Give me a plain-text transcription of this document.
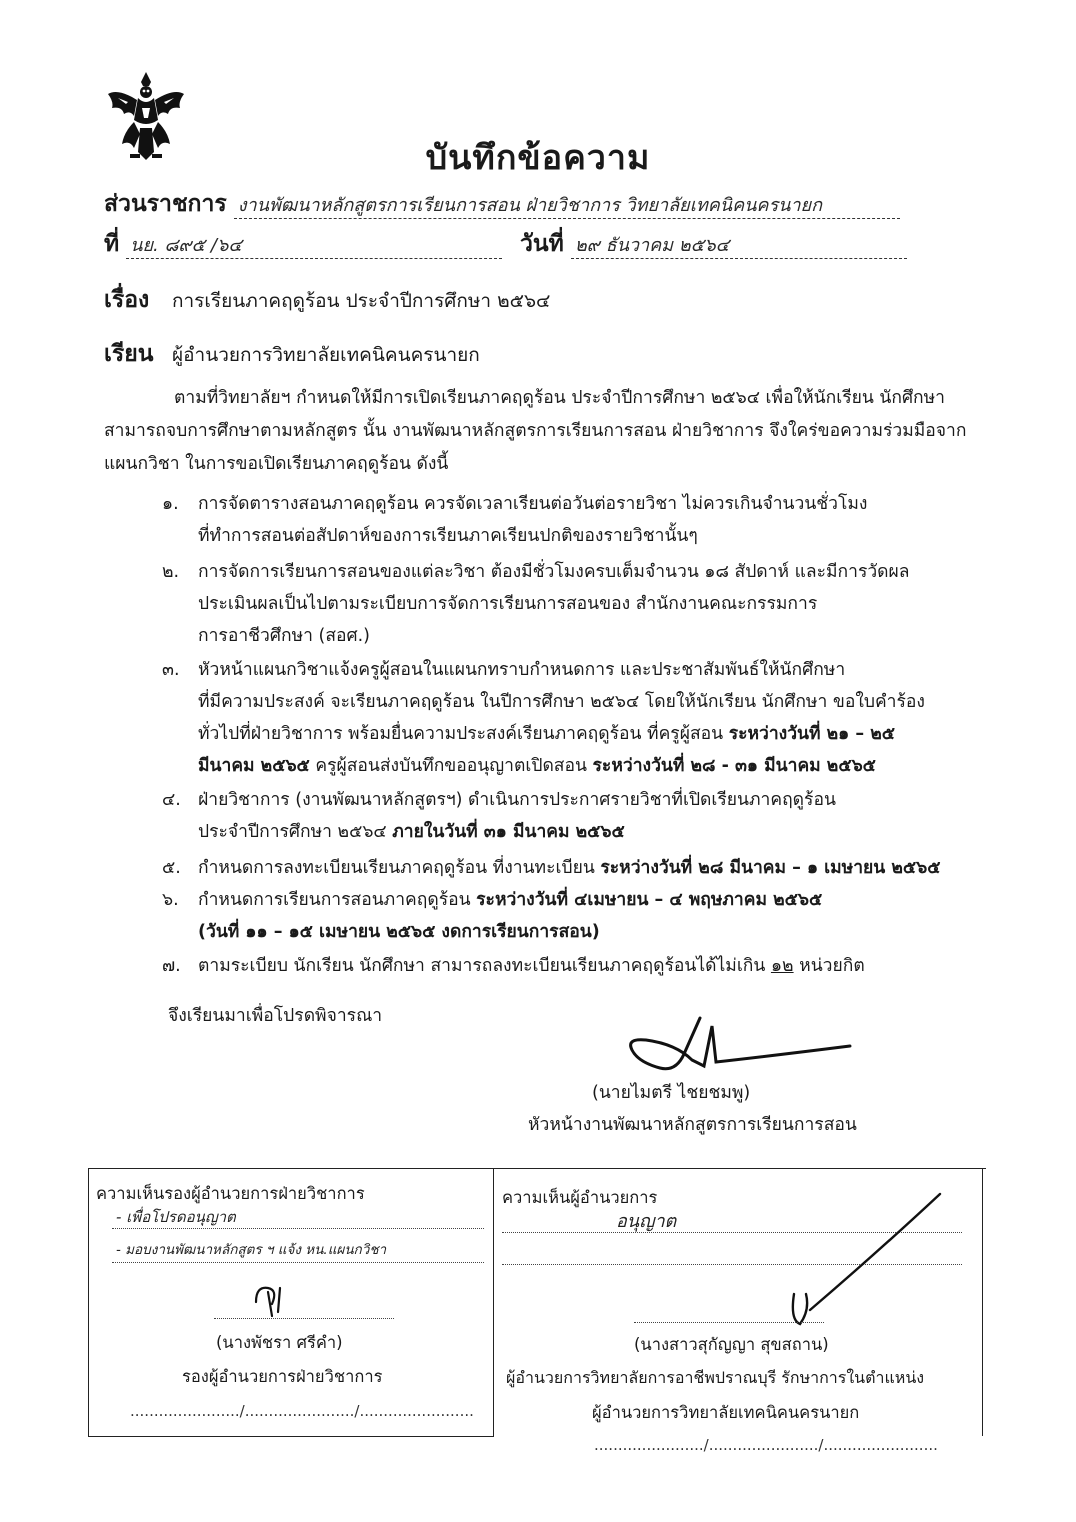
บันทึกข้อความ
ส่วนราชการ งานพัฒนาหลักสูตรการเรียนการสอน ฝ่ายวิชาการ วิทยาลัยเทคนิคนครนายก
ที่ นย. ๘๙๕ /๖๔	วันที่ ๒๙ ธันวาคม ๒๕๖๔
เรื่อง การเรียนภาคฤดูร้อน ประจำปีการศึกษา ๒๕๖๔
เรียน ผู้อำนวยการวิทยาลัยเทคนิคนครนายก
ตามที่วิทยาลัยฯ กำหนดให้มีการเปิดเรียนภาคฤดูร้อน ประจำปีการศึกษา ๒๕๖๔ เพื่อให้นักเรียน นักศึกษา
สามารถจบการศึกษาตามหลักสูตร นั้น งานพัฒนาหลักสูตรการเรียนการสอน ฝ่ายวิชาการ จึงใคร่ขอความร่วมมือจาก
แผนกวิชา ในการขอเปิดเรียนภาคฤดูร้อน ดังนี้
๑. การจัดตารางสอนภาคฤดูร้อน ควรจัดเวลาเรียนต่อวันต่อรายวิชา ไม่ควรเกินจำนวนชั่วโมง
ที่ทำการสอนต่อสัปดาห์ของการเรียนภาคเรียนปกติของรายวิชานั้นๆ
๒. การจัดการเรียนการสอนของแต่ละวิชา ต้องมีชั่วโมงครบเต็มจำนวน ๑๘ สัปดาห์ และมีการวัดผล
ประเมินผลเป็นไปตามระเบียบการจัดการเรียนการสอนของ สำนักงานคณะกรรมการ
การอาชีวศึกษา (สอศ.)
๓. หัวหน้าแผนกวิชาแจ้งครูผู้สอนในแผนกทราบกำหนดการ และประชาสัมพันธ์ให้นักศึกษา
ที่มีความประสงค์ จะเรียนภาคฤดูร้อน ในปีการศึกษา ๒๕๖๔ โดยให้นักเรียน นักศึกษา ขอใบคำร้อง
ทั่วไปที่ฝ่ายวิชาการ พร้อมยื่นความประสงค์เรียนภาคฤดูร้อน ที่ครูผู้สอน ระหว่างวันที่ ๒๑ – ๒๕
มีนาคม ๒๕๖๕ ครูผู้สอนส่งบันทึกขออนุญาตเปิดสอน ระหว่างวันที่ ๒๘ - ๓๑ มีนาคม ๒๕๖๕
๔. ฝ่ายวิชาการ (งานพัฒนาหลักสูตรฯ) ดำเนินการประกาศรายวิชาที่เปิดเรียนภาคฤดูร้อน
ประจำปีการศึกษา ๒๕๖๔ ภายในวันที่ ๓๑ มีนาคม ๒๕๖๕
๕. กำหนดการลงทะเบียนเรียนภาคฤดูร้อน ที่งานทะเบียน ระหว่างวันที่ ๒๘ มีนาคม – ๑ เมษายน ๒๕๖๕
๖. กำหนดการเรียนการสอนภาคฤดูร้อน ระหว่างวันที่ ๔เมษายน – ๔ พฤษภาคม ๒๕๖๕
(วันที่ ๑๑ – ๑๕ เมษายน ๒๕๖๕ งดการเรียนการสอน)
๗. ตามระเบียบ นักเรียน นักศึกษา สามารถลงทะเบียนเรียนภาคฤดูร้อนได้ไม่เกิน ๑๒ หน่วยกิต
จึงเรียนมาเพื่อโปรดพิจารณา
(นายไมตรี ไชยชมพู)
หัวหน้างานพัฒนาหลักสูตรการเรียนการสอน
ความเห็นรองผู้อำนวยการฝ่ายวิชาการ
- เพื่อโปรดอนุญาต
- มอบงานพัฒนาหลักสูตร ฯ แจ้ง หน.แผนกวิชา
(นางพัชรา ศรีคำ)
รองผู้อำนวยการฝ่ายวิชาการ
......................./......................./........................
ความเห็นผู้อำนวยการ
อนุญาต
(นางสาวสุกัญญา สุขสถาน)
ผู้อำนวยการวิทยาลัยการอาชีพปราณบุรี รักษาการในตำแหน่ง
ผู้อำนวยการวิทยาลัยเทคนิคนครนายก
......................./......................./........................
